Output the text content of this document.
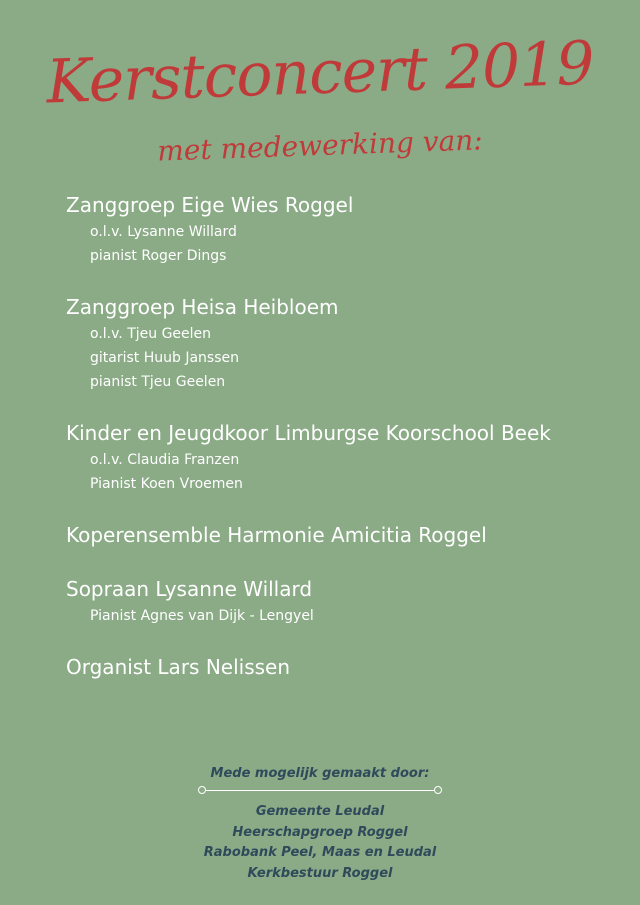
Kerstconcert 2019
met medewerking van:
Zanggroep Eige Wies Roggel
o.l.v. Lysanne Willard
pianist Roger Dings
Zanggroep Heisa Heibloem
o.l.v. Tjeu Geelen
gitarist Huub Janssen
pianist Tjeu Geelen
Kinder en Jeugdkoor Limburgse Koorschool Beek
o.l.v. Claudia Franzen
Pianist Koen Vroemen
Koperensemble Harmonie Amicitia Roggel
Sopraan Lysanne Willard
Pianist Agnes van Dijk - Lengyel
Organist Lars Nelissen
Mede mogelijk gemaakt door:
Gemeente Leudal
Heerschapgroep Roggel
Rabobank Peel, Maas en Leudal
Kerkbestuur Roggel
